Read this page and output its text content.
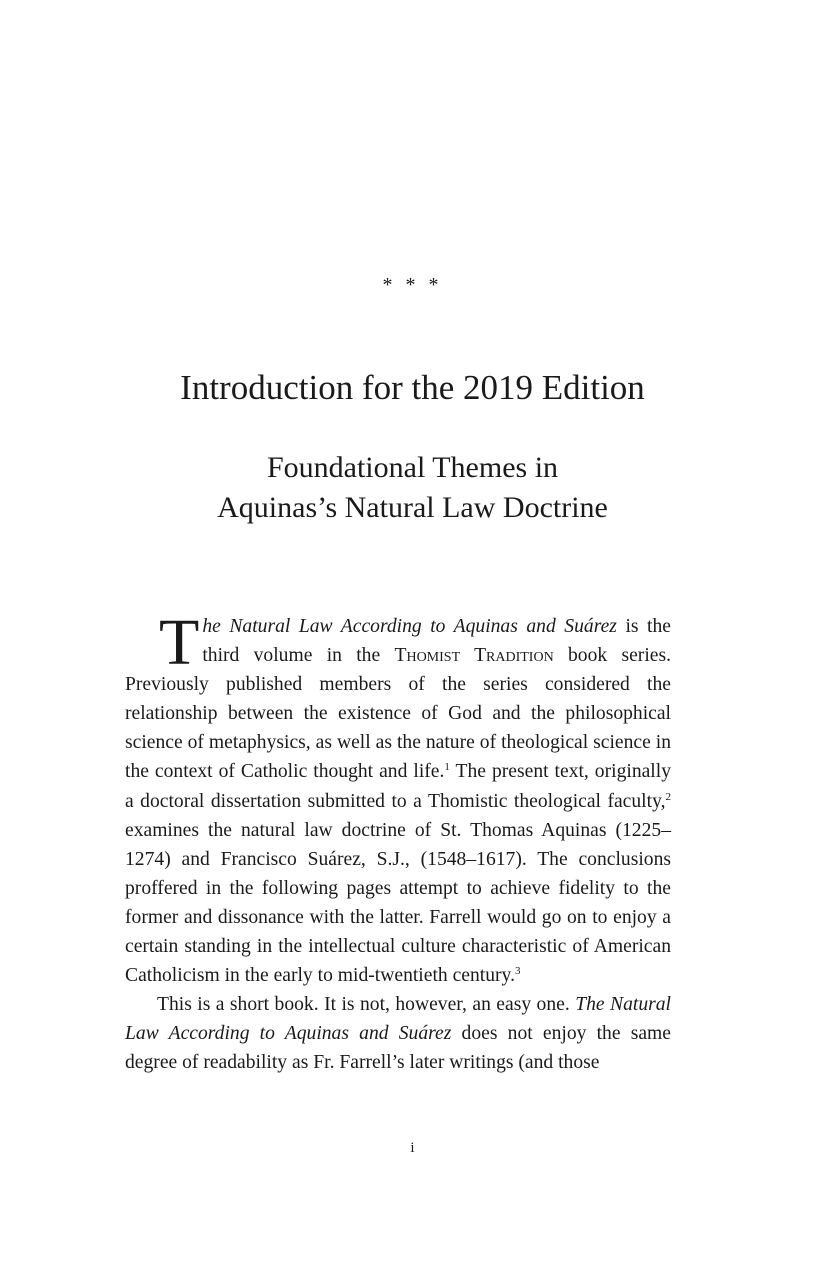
* * *
Introduction for the 2019 Edition
Foundational Themes in
Aquinas’s Natural Law Doctrine

The Natural Law According to Aquinas and Suárez is the third volume in the Thomist Tradition book series. Previously published members of the series considered the relationship between the existence of God and the philosophical science of metaphysics, as well as the nature of theological science in the context of Catholic thought and life.$^1$ The present text, originally a doctoral dissertation submitted to a Thomistic theological faculty,$^2$ examines the natural law doctrine of St. Thomas Aquinas (1225–1274) and Francisco Suárez, S.J., (1548–1617). The conclusions proffered in the following pages attempt to achieve fidelity to the former and dissonance with the latter. Farrell would go on to enjoy a certain standing in the intellectual culture characteristic of American Catholicism in the early to mid-twentieth century.$^3$

This is a short book. It is not, however, an easy one. The Natural Law According to Aquinas and Suárez does not enjoy the same degree of readability as Fr. Farrell’s later writings (and those

i
